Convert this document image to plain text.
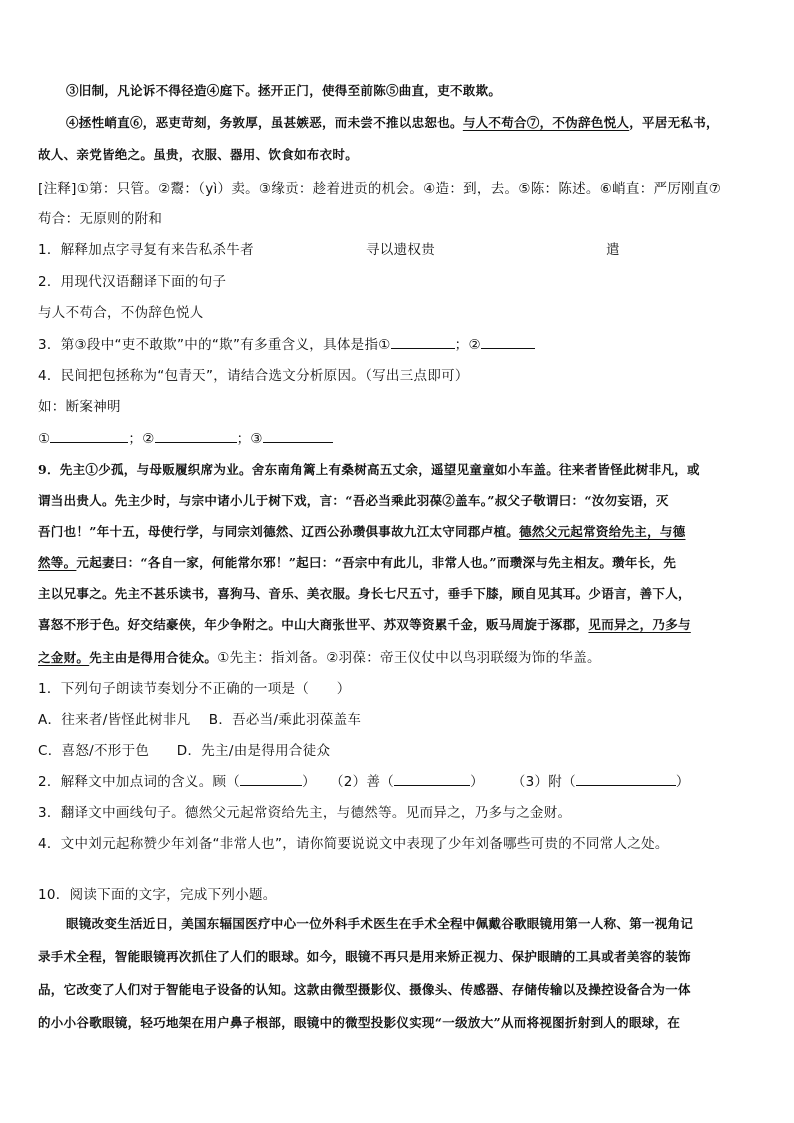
③旧制，凡论诉不得径造④庭下。拯开正门，使得至前陈⑤曲直，吏不敢欺。
④拯性峭直⑥，恶吏苛刻，务敦厚，虽甚嫉恶，而未尝不推以忠恕也。与人不苟合⑦，不伪辞色悦人，平居无私书，
故人、亲党皆绝之。虽贵，衣服、器用、饮食如布衣时。
[注释]①第：只管。②鬻：（yì）卖。③缘贡：趁着进贡的机会。④造：到，去。⑤陈：陈述。⑥峭直：严厉刚直⑦
苟合：无原则的附和
1．解释加点字寻复有来告私杀牛者	寻以遗权贵	遣
2．用现代汉语翻译下面的句子
与人不苟合，不伪辞色悦人
3．第③段中“吏不敢欺”中的“欺”有多重含义，具体是指①	；②
4．民间把包拯称为“包青天”，请结合选文分析原因。（写出三点即可）
如：断案神明
①	；②	；③
9．先主①少孤，与母贩履织席为业。舍东南角篱上有桑树高五丈余，遥望见童童如小车盖。往来者皆怪此树非凡，或
谓当出贵人。先主少时，与宗中诸小儿于树下戏，言：“吾必当乘此羽葆②盖车。”叔父子敬谓曰：“汝勿妄语，灭
吾门也！”年十五，母使行学，与同宗刘德然、辽西公孙瓒俱事故九江太守同郡卢植。德然父元起常资给先主，与德
然等。元起妻曰：“各自一家，何能常尔邪！”起曰：“吾宗中有此儿，非常人也。”而瓒深与先主相友。瓒年长，先
主以兄事之。先主不甚乐读书，喜狗马、音乐、美衣服。身长七尺五寸，垂手下膝，顾自见其耳。少语言，善下人，
喜怒不形于色。好交结豪侠，年少争附之。中山大商张世平、苏双等资累千金，贩马周旋于涿郡，见而异之，乃多与
之金财。先主由是得用合徒众。①先主：指刘备。②羽葆：帝王仪仗中以鸟羽联缀为饰的华盖。
1．下列句子朗读节奏划分不正确的一项是（　　）
A．往来者/皆怪此树非凡　 B．吾必当/乘此羽葆盖车
C．喜怒/不形于色　　D．先主/由是得用合徒众
2．解释文中加点词的含义。顾（	）　　（2）善（	）　　　（3）附（	）
3．翻译文中画线句子。德然父元起常资给先主，与德然等。见而异之，乃多与之金财。
4．文中刘元起称赞少年刘备“非常人也”，请你简要说说文中表现了少年刘备哪些可贵的不同常人之处。
10．阅读下面的文字，完成下列小题。
眼镜改变生活近日，美国东辐国医疗中心一位外科手术医生在手术全程中佩戴谷歌眼镜用第一人称、第一视角记
录手术全程，智能眼镜再次抓住了人们的眼球。如今，眼镜不再只是用来矫正视力、保护眼睛的工具或者美容的装饰
品，它改变了人们对于智能电子设备的认知。这款由微型摄影仪、摄像头、传感器、存储传输以及操控设备合为一体
的小小谷歌眼镜，轻巧地架在用户鼻子根部，眼镜中的微型投影仪实现“一级放大”从而将视图折射到人的眼球，在
